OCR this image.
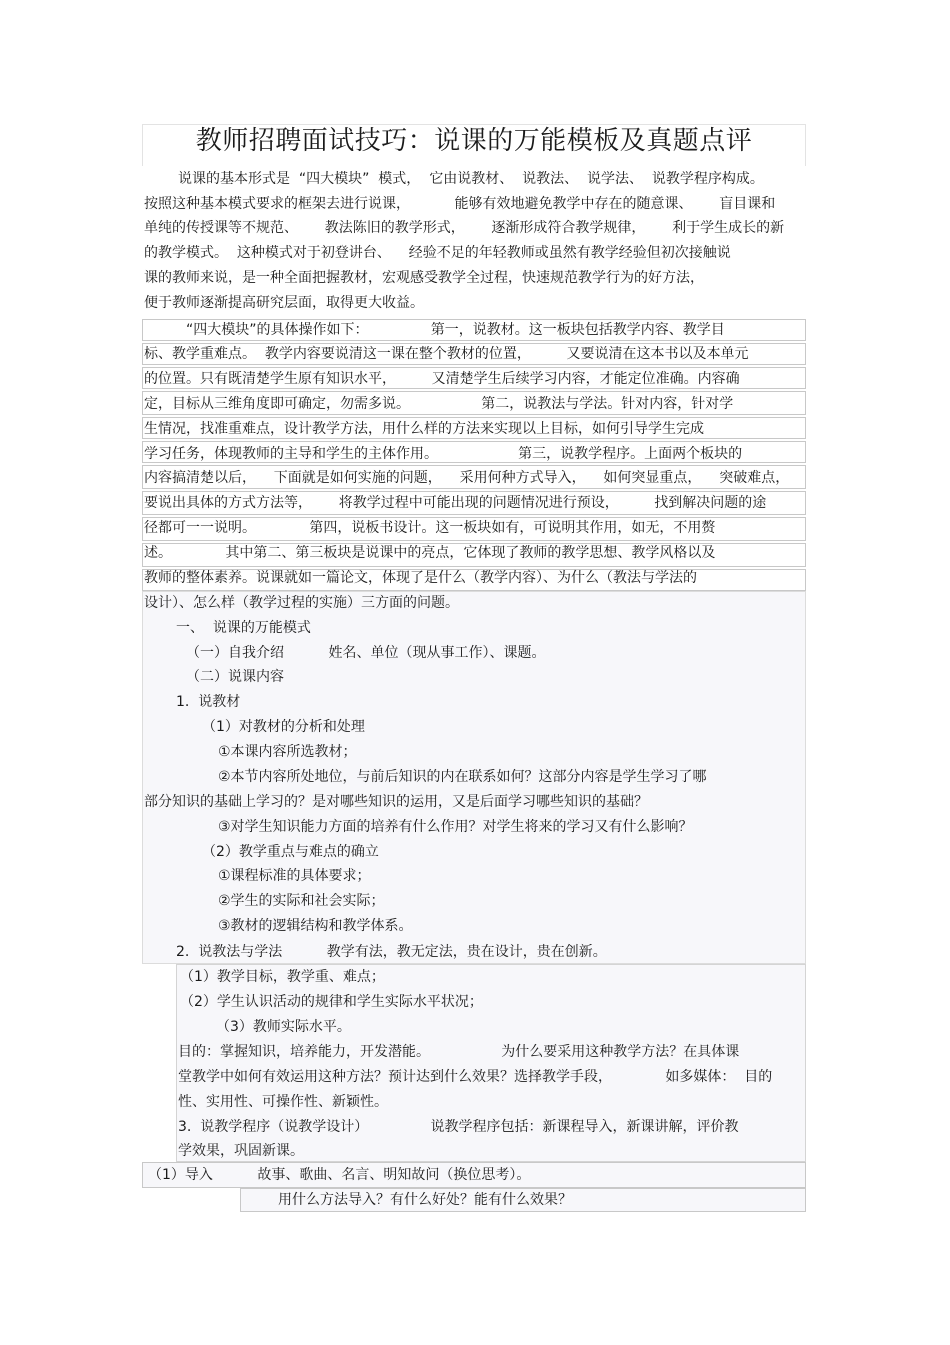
教师招聘面试技巧：说课的万能模板及真题点评
说课的基本形式是  “四大模块”  模式，  它由说教材、  说教法、  说学法、  说教学程序构成。
按照这种基本模式要求的框架去进行说课，          能够有效地避免教学中存在的随意课、      盲目课和
单纯的传授课等不规范、      教法陈旧的教学形式，      逐渐形成符合教学规律，      利于学生成长的新
的教学模式。  这种模式对于初登讲台、    经验不足的年轻教师或虽然有教学经验但初次接触说
课的教师来说，是一种全面把握教材，宏观感受教学全过程，快速规范教学行为的好方法，
便于教师逐渐提高研究层面，取得更大收益。
“四大模块”的具体操作如下：              第一，说教材。这一板块包括教学内容、教学目
标、教学重难点。  教学内容要说清这一课在整个教材的位置，        又要说清在这本书以及本单元
的位置。只有既清楚学生原有知识水平，        又清楚学生后续学习内容，才能定位准确。内容确
定，目标从三维角度即可确定，勿需多说。                第二，说教法与学法。针对内容，针对学
生情况，找准重难点，设计教学方法，用什么样的方法来实现以上目标，如何引导学生完成
学习任务，体现教师的主导和学生的主体作用。                  第三，说教学程序。上面两个板块的
内容搞清楚以后，    下面就是如何实施的问题，    采用何种方式导入，    如何突显重点，    突破难点，
要说出具体的方式方法等，      将教学过程中可能出现的问题情况进行预设，        找到解决问题的途
径都可一一说明。            第四，说板书设计。这一板块如有，可说明其作用，如无，不用赘
述。            其中第二、第三板块是说课中的亮点，它体现了教师的教学思想、教学风格以及
教师的整体素养。说课就如一篇论文，体现了是什么（教学内容）、为什么（教法与学法的
设计）、怎么样（教学过程的实施）三方面的问题。
一、  说课的万能模式
（一）自我介绍          姓名、单位（现从事工作）、课题。
（二）说课内容
1.  说教材
（1）对教材的分析和处理
①本课内容所选教材；
②本节内容所处地位，与前后知识的内在联系如何？这部分内容是学生学习了哪
部分知识的基础上学习的？是对哪些知识的运用，又是后面学习哪些知识的基础？
③对学生知识能力方面的培养有什么作用？对学生将来的学习又有什么影响？
（2）教学重点与难点的确立
①课程标准的具体要求；
②学生的实际和社会实际；
③教材的逻辑结构和教学体系。
2.  说教法与学法          教学有法，教无定法，贵在设计，贵在创新。
（1）教学目标，教学重、难点；
（2）学生认识活动的规律和学生实际水平状况；
（3）教师实际水平。
目的：掌握知识，培养能力，开发潜能。                为什么要采用这种教学方法？在具体课
堂教学中如何有效运用这种方法？预计达到什么效果？选择教学手段，            如多媒体：  目的
性、实用性、可操作性、新颖性。
3.  说教学程序（说教学设计）              说教学程序包括：新课程导入，新课讲解，评价教
学效果，巩固新课。
（1）导入          故事、歌曲、名言、明知故问（换位思考）。
用什么方法导入？有什么好处？能有什么效果？
